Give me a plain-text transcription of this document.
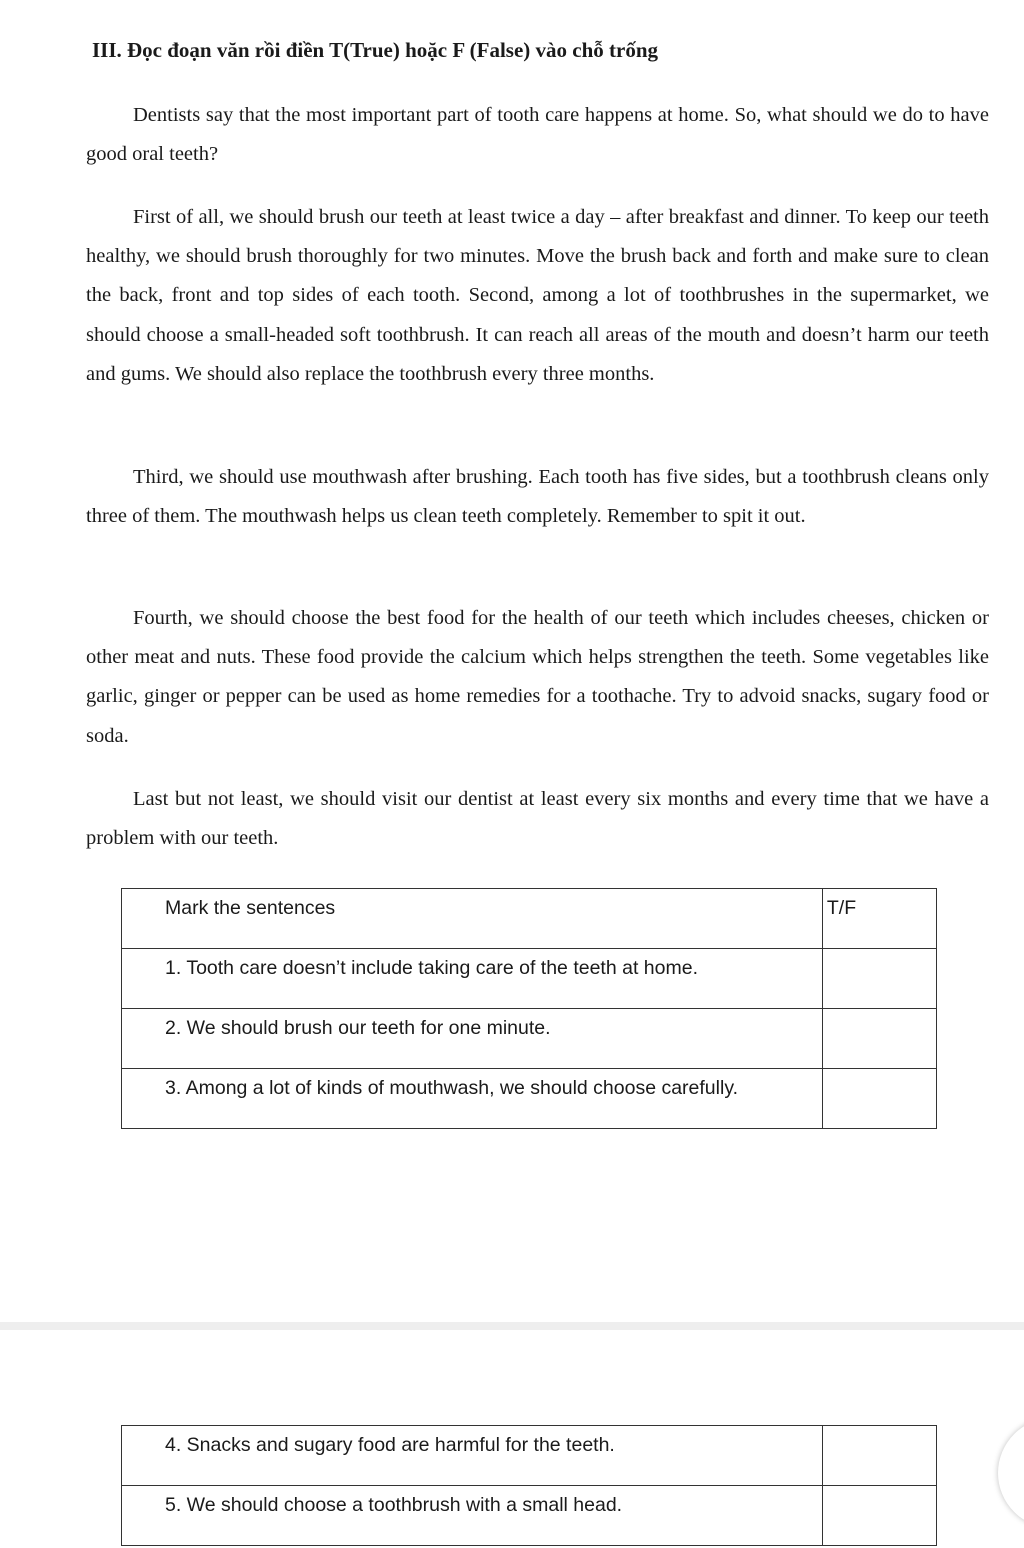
III. Đọc đoạn văn rồi điền T(True) hoặc F (False) vào chỗ trống

Dentists say that the most important part of tooth care happens at home. So, what should we do to have good oral teeth?

First of all, we should brush our teeth at least twice a day – after breakfast and dinner. To keep our teeth healthy, we should brush thoroughly for two minutes. Move the brush back and forth and make sure to clean the back, front and top sides of each tooth. Second, among a lot of toothbrushes in the supermarket, we should choose a small-headed soft toothbrush. It can reach all areas of the mouth and doesn’t harm our teeth and gums. We should also replace the toothbrush every three months.

Third, we should use mouthwash after brushing. Each tooth has five sides, but a toothbrush cleans only three of them. The mouthwash helps us clean teeth completely. Remember to spit it out.

Fourth, we should choose the best food for the health of our teeth which includes cheeses, chicken or other meat and nuts. These food provide the calcium which helps strengthen the teeth. Some vegetables like garlic, ginger or pepper can be used as home remedies for a toothache. Try to advoid snacks, sugary food or soda.

Last but not least, we should visit our dentist at least every six months and every time that we have a problem with our teeth.

Mark the sentences	T/F
1. Tooth care doesn’t include taking care of the teeth at home.	
2. We should brush our teeth for one minute.	
3. Among a lot of kinds of mouthwash, we should choose carefully.	
4. Snacks and sugary food are harmful for the teeth.	
5. We should choose a toothbrush with a small head.	
